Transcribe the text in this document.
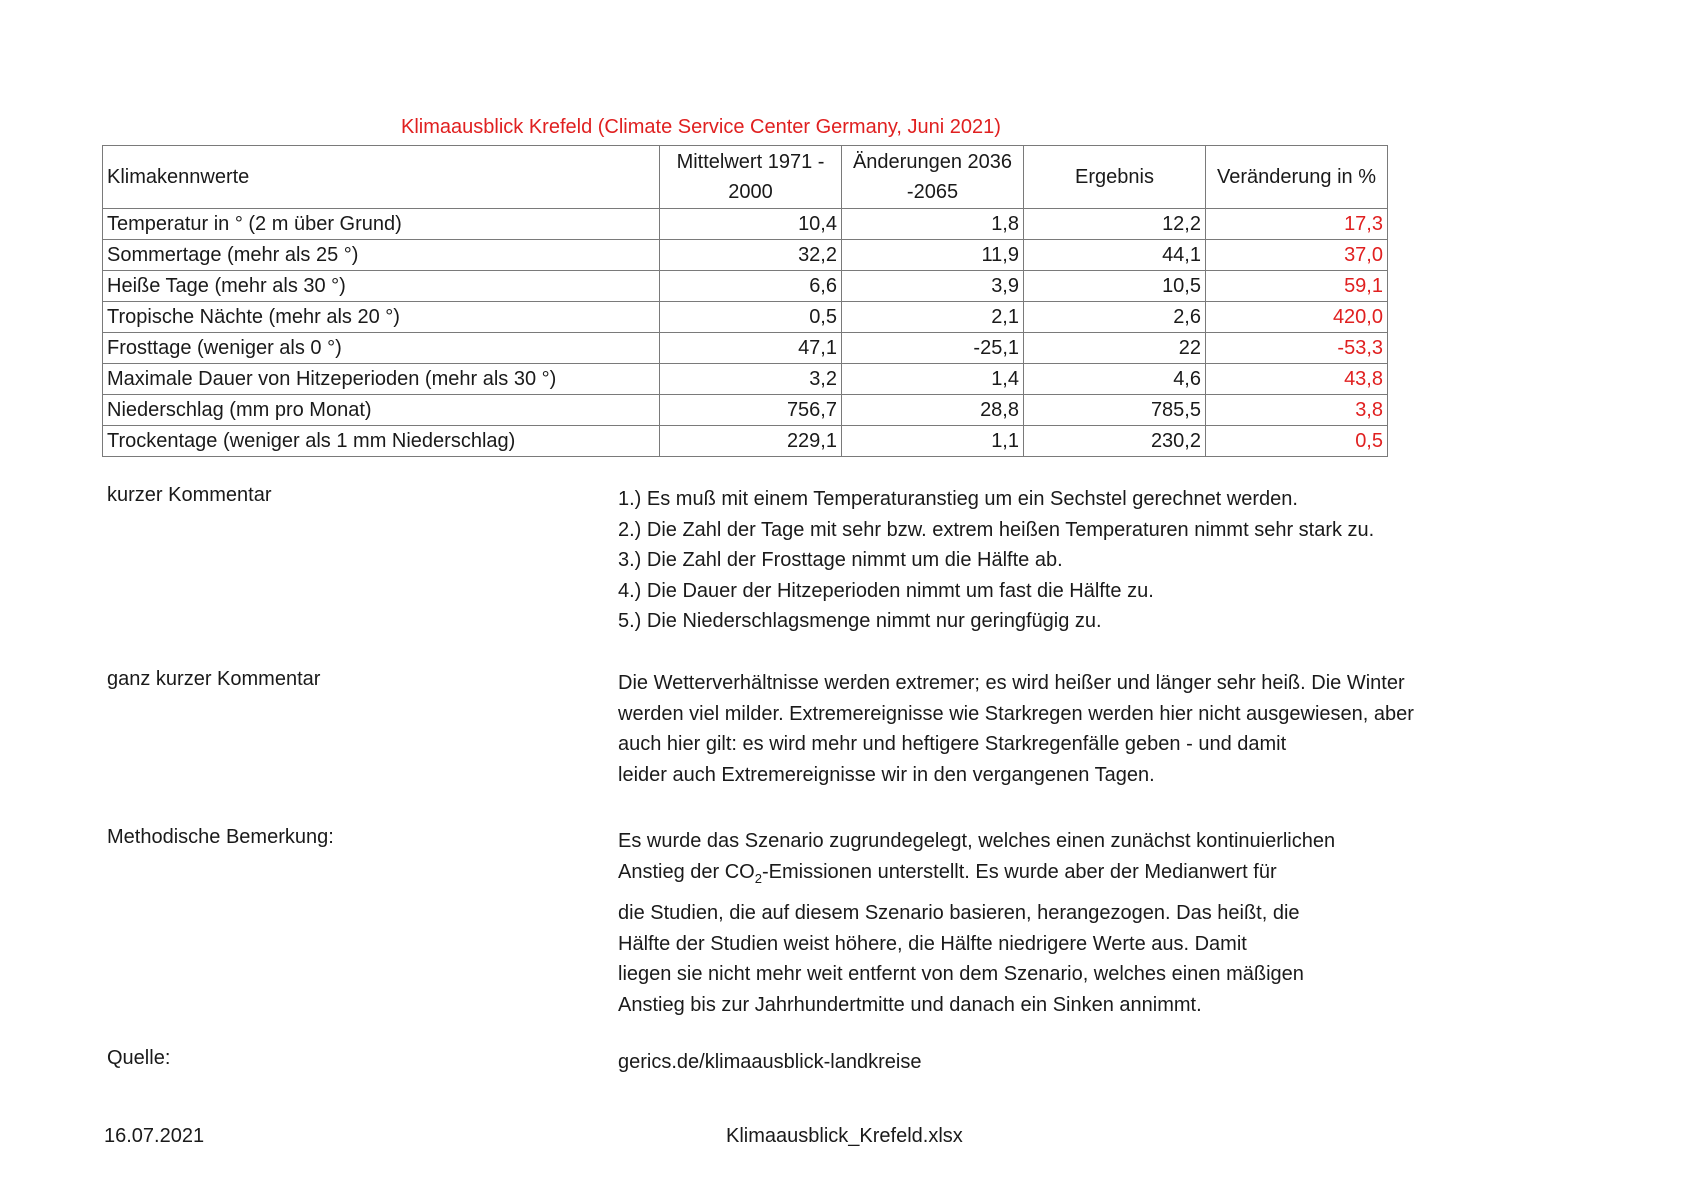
Klimaausblick Krefeld (Climate Service Center Germany, Juni 2021)
Klimakennwerte	Mittelwert 1971 - 2000	Änderungen 2036 -2065	Ergebnis	Veränderung in %
Temperatur in ° (2 m über Grund)	10,4	1,8	12,2	17,3
Sommertage (mehr als 25 °)	32,2	11,9	44,1	37,0
Heiße Tage (mehr als 30 °)	6,6	3,9	10,5	59,1
Tropische Nächte (mehr als 20 °)	0,5	2,1	2,6	420,0
Frosttage (weniger als 0 °)	47,1	-25,1	22	-53,3
Maximale Dauer von Hitzeperioden (mehr als 30 °)	3,2	1,4	4,6	43,8
Niederschlag (mm pro Monat)	756,7	28,8	785,5	3,8
Trockentage (weniger als 1 mm Niederschlag)	229,1	1,1	230,2	0,5
kurzer Kommentar	1.) Es muß mit einem Temperaturanstieg um ein Sechstel gerechnet werden.
2.) Die Zahl der Tage mit sehr bzw. extrem heißen Temperaturen nimmt sehr stark zu.
3.) Die Zahl der Frosttage nimmt um die Hälfte ab.
4.) Die Dauer der Hitzeperioden nimmt um fast die Hälfte zu.
5.) Die Niederschlagsmenge nimmt nur geringfügig zu.
ganz kurzer Kommentar	Die Wetterverhältnisse werden extremer; es wird heißer und länger sehr heiß. Die Winter
werden viel milder. Extremereignisse wie Starkregen werden hier nicht ausgewiesen, aber
auch hier gilt: es wird mehr und heftigere Starkregenfälle geben - und damit
leider auch Extremereignisse wir in den vergangenen Tagen.
Methodische Bemerkung:	Es wurde das Szenario zugrundegelegt, welches einen zunächst kontinuierlichen
Anstieg der $CO_2$-Emissionen unterstellt. Es wurde aber der Medianwert für
die Studien, die auf diesem Szenario basieren, herangezogen. Das heißt, die
Hälfte der Studien weist höhere, die Hälfte niedrigere Werte aus. Damit
liegen sie nicht mehr weit entfernt von dem Szenario, welches einen mäßigen
Anstieg bis zur Jahrhundertmitte und danach ein Sinken annimmt.
Quelle:	gerics.de/klimaausblick-landkreise
16.07.2021	Klimaausblick_Krefeld.xlsx
